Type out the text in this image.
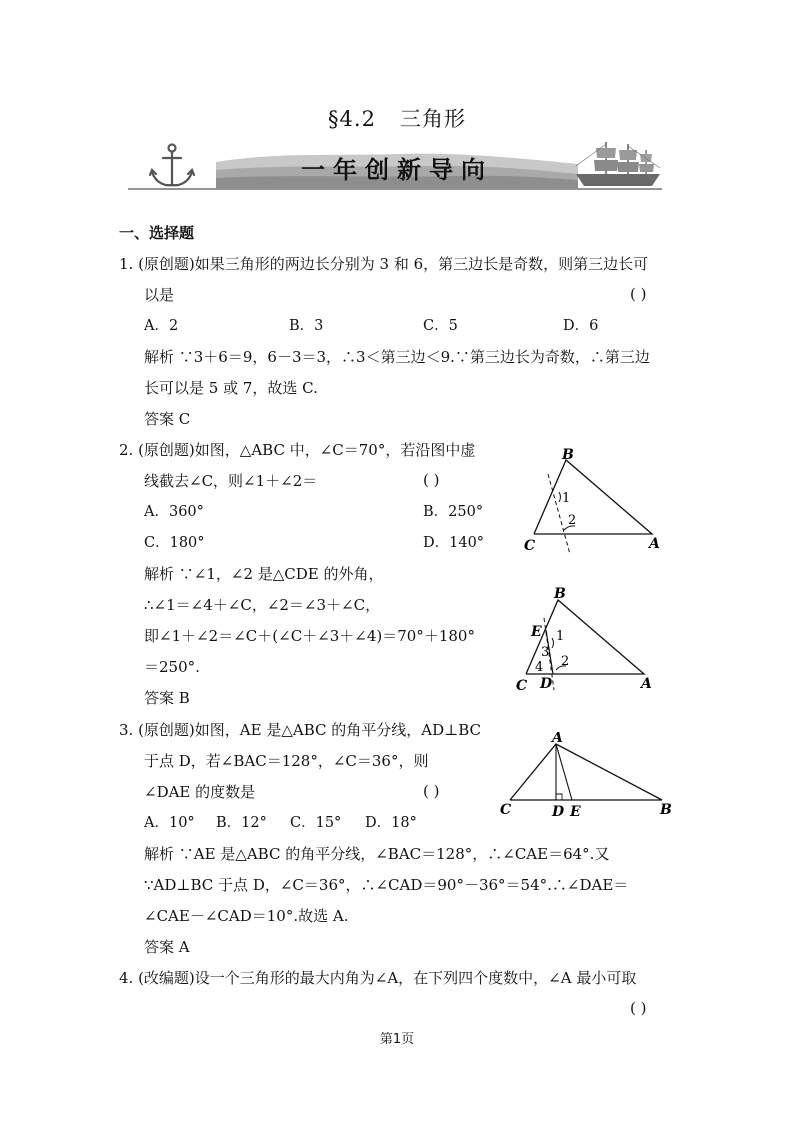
§4.2 三角形
一年创新导向
一、选择题
1. (原创题)如果三角形的两边长分别为 3 和 6，第三边长是奇数，则第三边长可
以是	( )
A．2	B．3	C．5	D．6
解析 ∵3＋6＝9，6－3＝3，∴3＜第三边＜9.∵第三边长为奇数，∴第三边
长可以是 5 或 7，故选 C.
答案 C
2. (原创题)如图，△ABC 中，∠C＝70°，若沿图中虚
线截去∠C，则∠1＋∠2＝	( )
A．360°	B．250°
C．180°	D．140°
解析 ∵∠1，∠2 是△CDE 的外角，
∴∠1＝∠4＋∠C，∠2＝∠3＋∠C，
即∠1＋∠2＝∠C＋(∠C＋∠3＋∠4)＝70°＋180°
＝250°.
答案 B
B
C	A
1
2
B
C	A
E
D
1
2
3
4
3. (原创题)如图，AE 是△ABC 的角平分线，AD⊥BC
于点 D，若∠BAC＝128°，∠C＝36°，则
∠DAE 的度数是	( )
A．10° B．12° C．15° D．18°
解析 ∵AE 是△ABC 的角平分线，∠BAC＝128°，∴∠CAE＝64°.又
∵AD⊥BC 于点 D，∠C＝36°，∴∠CAD＝90°－36°＝54°.∴∠DAE＝
∠CAE－∠CAD＝10°.故选 A.
答案 A
A
C	B
D E
4. (改编题)设一个三角形的最大内角为∠A，在下列四个度数中，∠A 最小可取
( )
第1页
